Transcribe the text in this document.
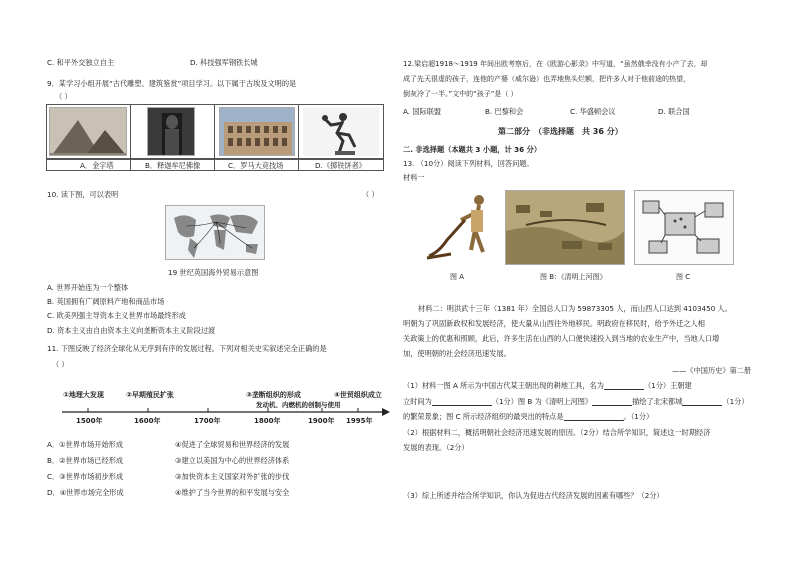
C. 和平外交独立自主	D. 科技强军钢铁长城
9．某学习小组开展“古代雕塑、建筑鉴赏”项目学习。以下属于古埃及文明的是
（ ）
A．金字塔	B．释迦牟尼佛像	C．罗马大竞技场	D.《掷铁饼者》
10. 读下图，可以表明	（ ）
19 世纪英国海外贸易示意图
A. 世界开始连为一个整体
B. 英国拥有广阔原料产地和商品市场
C. 欧美列强主导资本主义世界市场最终形成
D. 资本主义由自由资本主义向垄断资本主义阶段过渡
11. 下图反映了经济全球化从无序到有序的发展过程。下列对相关史实叙述完全正确的是
（ ）
①地理大发现	②早期殖民扩张	③垄断组织的形成	④世贸组织成立
发动机、内燃机的创制与使用
1500年	1600年	1700年	1800年	1900年 1995年
A．①世界市场开始形成	④促进了全球贸易和世界经济的发展
B．②世界市场已经形成	③建立以美国为中心的世界经济体系
C．③世界市场初步形成	③加快资本主义国家对外扩张的步伐
D．④世界市场完全形成	④维护了当今世界的和平发展与安全
12.梁启超1918～1919 年间出欧考察后，在《欧游心影录》中写道，“虽然俄幸没有小产了去，却
成了先天很虚的孩子，连他的产婆（威尔逊）也弄地焦头烂额，把许多人对于他前途的热望，
倒灰冷了一半。”文中的“孩子”是（ ）
A. 国际联盟	B. 巴黎和会	C. 华盛顿会议	D. 联合国
第二部分　（非选择题　共 36 分）
二. 非选择题（本题共 3 小题，计 36 分）
13. （10分）阅读下列材料，回答问题。
材料一
图 A	图 B：《清明上河图》	图 C
材料二：明洪武十三年（1381 年）全国总人口为 59873305 人，而山西人口达到 4103450 人。
明朝为了巩固新政权和发展经济，使大量从山西往外地移民。明政府在移民时，给予外迁之人相
关政策上的优惠和照顾，此后，许多生活在山西的人口便快速投入到当地的农业生产中，当地人口增
加，使明朝的社会经济迅速发展。
——《中国历史》第二册
（1）材料一图 A 所示为中国古代某王朝出现的耕地工具，名为	（1分）王朝建
立时间为	（1分）图 B 为《清明上河图》	描绘了北宋都城	（1分）
的繁荣景象；图 C 所示经济组织的最突出的特点是	。（1分）
（2）根据材料二，概括明朝社会经济迅速发展的原因。（2分）结合所学知识，简述这一时期经济
发展的表现。（2分）
（3）综上所述并结合所学知识，你认为促进古代经济发展的因素有哪些？（2分）
